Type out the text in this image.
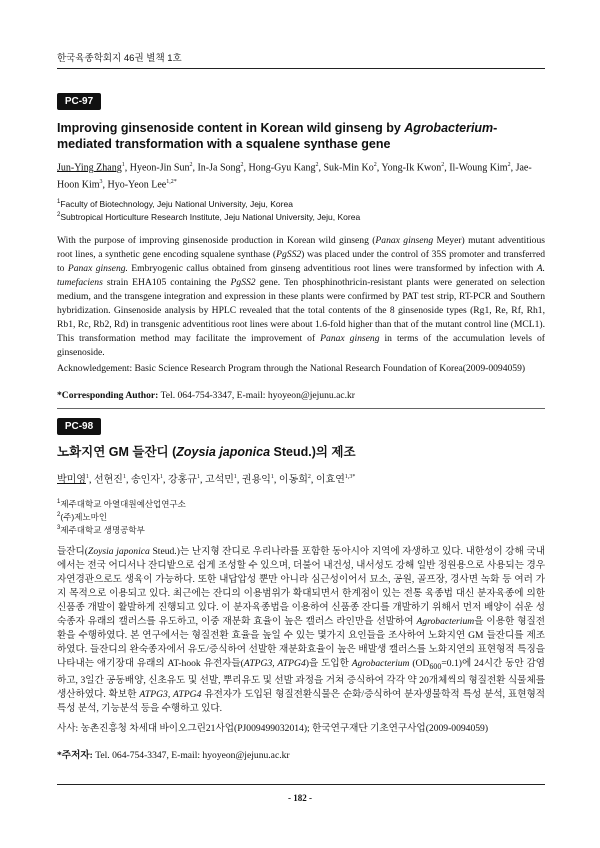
한국육종학회지 46권 별책 1호
PC-97
Improving ginsenoside content in Korean wild ginseng by Agrobacterium-mediated transformation with a squalene synthase gene
Jun-Ying Zhang$^1$, Hyeon-Jin Sun$^2$, In-Ja Song$^2$, Hong-Gyu Kang$^2$, Suk-Min Ko$^2$, Yong-Ik Kwon$^2$, Il-Woung Kim$^2$, Jae-Hoon Kim$^3$, Hyo-Yeon Lee$^{1,2*}$
$^1$Faculty of Biotechnology, Jeju National University, Jeju, Korea
$^2$Subtropical Horticulture Research Institute, Jeju National University, Jeju, Korea
With the purpose of improving ginsenoside production in Korean wild ginseng (Panax ginseng Meyer) mutant adventitious root lines, a synthetic gene encoding squalene synthase (PgSS2) was placed under the control of 35S promoter and transferred to Panax ginseng. Embryogenic callus obtained from ginseng adventitious root lines were transformed by infection with A. tumefaciens strain EHA105 containing the PgSS2 gene. Ten phosphinothricin-resistant plants were generated on selection medium, and the transgene integration and expression in these plants were confirmed by PAT test strip, RT-PCR and Southern hybridization. Ginsenoside analysis by HPLC revealed that the total contents of the 8 ginsenoside types (Rg1, Re, Rf, Rh1, Rb1, Rc, Rb2, Rd) in transgenic adventitious root lines were about 1.6-fold higher than that of the mutant control line (MCL1). This transformation method may facilitate the improvement of Panax ginseng in terms of the accumulation levels of ginsenoside.
Acknowledgement: Basic Science Research Program through the National Research Foundation of Korea(2009-0094059)
*Corresponding Author: Tel. 064-754-3347, E-mail: hyoyeon@jejunu.ac.kr
PC-98
노화지연 GM 들잔디 (Zoysia japonica Steud.)의 제조
박미영$^1$, 선현진$^1$, 송인자$^1$, 강홍규$^1$, 고석민$^1$, 권용익$^1$, 이동희$^2$, 이효연$^{1,3*}$
$^1$제주대학교 아열대원예산업연구소
$^2$(주)제노마인
$^3$제주대학교 생명공학부
들잔디(Zoysia japonica Steud.)는 난지형 잔디로 우리나라를 포함한 동아시아 지역에 자생하고 있다. 내한성이 강해 국내에서는 전국 어디서나 잔디밭으로 쉽게 조성할 수 있으며, 더불어 내건성, 내서성도 강해 일반 정원용으로 사용되는 경우 자연경관으로도 생육이 가능하다. 또한 내답압성 뿐만 아니라 심근성이어서 묘소, 공원, 골프장, 경사면 녹화 등 여러 가지 목적으로 이용되고 있다. 최근에는 잔디의 이용범위가 확대되면서 한계점이 있는 전통 육종법 대신 분자육종에 의한 신품종 개발이 활발하게 진행되고 있다. 이 분자육종법을 이용하여 신품종 잔디를 개발하기 위해서 먼저 배양이 쉬운 성숙종자 유래의 캘러스를 유도하고, 이중 재분화 효율이 높은 캘러스 라인만을 선발하여 Agrobacterium을 이용한 형질전환을 수행하였다. 본 연구에서는 형질전환 효율을 높일 수 있는 몇가지 요인들을 조사하여 노화지연 GM 들잔디를 제조하였다. 들잔디의 완숙종자에서 유도/증식하여 선발한 재분화효율이 높은 배발생 캘러스를 노화지연의 표현형적 특징을 나타내는 애기장대 유래의 AT-hook 유전자들(ATPG3, ATPG4)을 도입한 Agrobacterium $(OD_{600}=0.1)$에 24시간 동안 감염하고, 3일간 공동배양, 신초유도 및 선발, 뿌리유도 및 선발 과정을 거쳐 증식하여 각각 약 20개체씩의 형질전환 식물체를 생산하였다. 확보한 ATPG3, ATPG4 유전자가 도입된 형질전환식물은 순화/증식하여 분자생물학적 특성 분석, 표현형적 특성 분석, 기능분석 등을 수행하고 있다.
사사: 농촌진흥청 차세대 바이오그린21사업(PJ009499032014); 한국연구재단 기초연구사업(2009-0094059)
*주저자: Tel. 064-754-3347, E-mail: hyoyeon@jejunu.ac.kr
- 182 -
